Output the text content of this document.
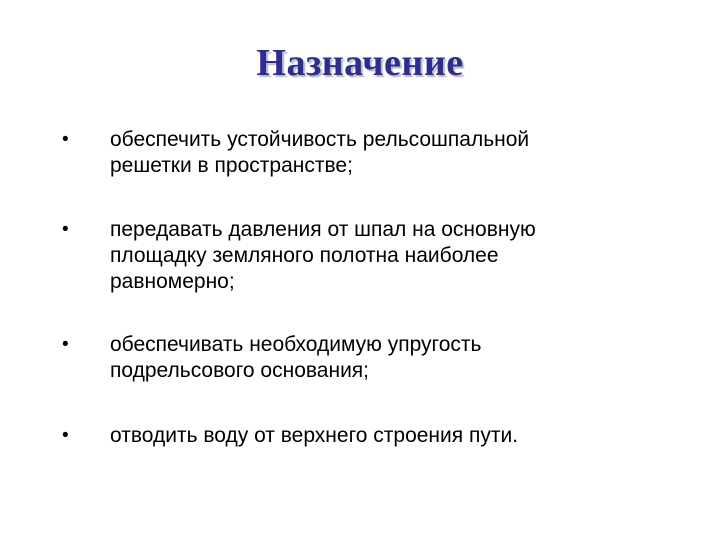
Назначение
• обеспечить устойчивость рельсошпальной
решетки в пространстве;
• передавать давления от шпал на основную
площадку земляного полотна наиболее
равномерно;
• обеспечивать необходимую упругость
подрельсового основания;
• отводить воду от верхнего строения пути.
